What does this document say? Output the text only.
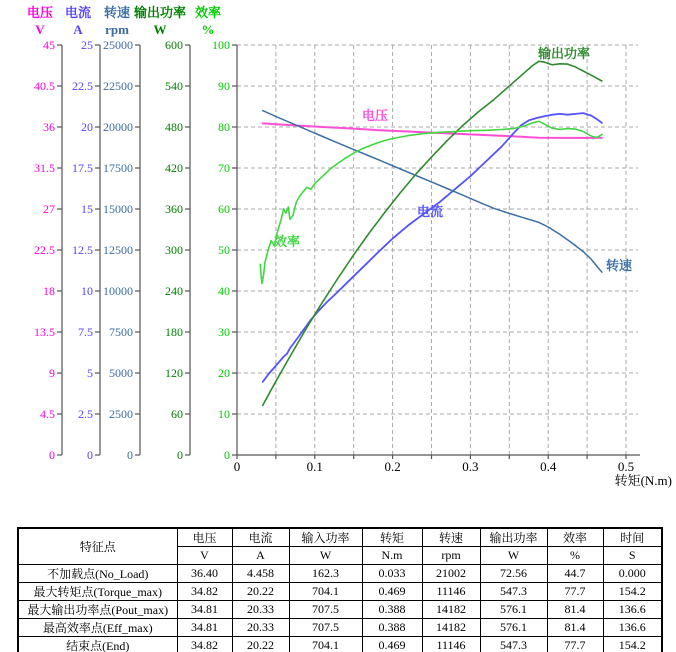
电压
电流
转速
输出功率
效率
45
40.5
36
31.5
27
22.5
18
13.5
9
4.5
0
电压
V
25
22.5
20
17.5
15
12.5
10
7.5
5
2.5
0
电流
A
25000
22500
20000
17500
15000
12500
10000
7500
5000
2500
0
转速
rpm
600
540
480
420
360
300
240
180
120
60
0
输出功率
W
100
90
80
70
60
50
40
30
20
10
0
效率
%
0	0.1	0.2	0.3	0.4	0.5
转矩(N.m)
特征点	电压	电流	输入功率	转矩	转速	输出功率	效率	时间
	V	A	W	N.m	rpm	W	%	S
不加载点(No_Load)	36.40	4.458	162.3	0.033	21002	72.56	44.7	0.000
最大转矩点(Torque_max)	34.82	20.22	704.1	0.469	11146	547.3	77.7	154.2
最大输出功率点(Pout_max)	34.81	20.33	707.5	0.388	14182	576.1	81.4	136.6
最高效率点(Eff_max)	34.81	20.33	707.5	0.388	14182	576.1	81.4	136.6
结束点(End)	34.82	20.22	704.1	0.469	11146	547.3	77.7	154.2
